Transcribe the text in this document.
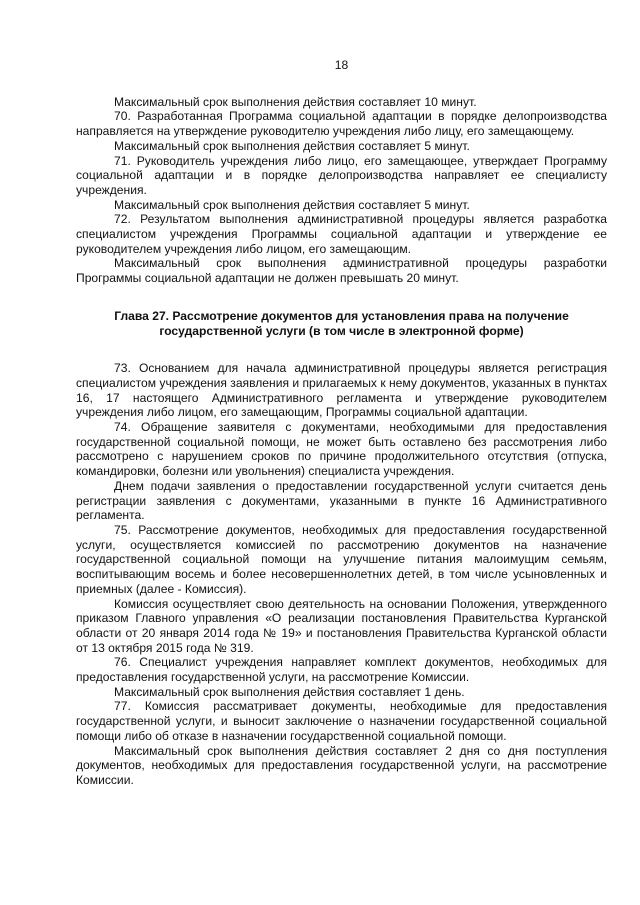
18

Максимальный срок выполнения действия составляет 10 минут.

70. Разработанная Программа социальной адаптации в порядке делопроизводства направляется на утверждение руководителю учреждения либо лицу, его замещающему.

Максимальный срок выполнения действия составляет 5 минут.

71. Руководитель учреждения либо лицо, его замещающее, утверждает Программу социальной адаптации и в порядке делопроизводства направляет ее специалисту учреждения.

Максимальный срок выполнения действия составляет 5 минут.

72. Результатом выполнения административной процедуры является разработка специалистом учреждения Программы социальной адаптации и утверждение ее руководителем учреждения либо лицом, его замещающим.

Максимальный срок выполнения административной процедуры разработки Программы социальной адаптации не должен превышать 20 минут.

Глава 27. Рассмотрение документов для установления права на получение государственной услуги (в том числе в электронной форме)

73. Основанием для начала административной процедуры является регистрация специалистом учреждения заявления и прилагаемых к нему документов, указанных в пунктах 16, 17 настоящего Административного регламента и утверждение руководителем учреждения либо лицом, его замещающим, Программы социальной адаптации.

74. Обращение заявителя с документами, необходимыми для предоставления государственной социальной помощи, не может быть оставлено без рассмотрения либо рассмотрено с нарушением сроков по причине продолжительного отсутствия (отпуска, командировки, болезни или увольнения) специалиста учреждения.

Днем подачи заявления о предоставлении государственной услуги считается день регистрации заявления с документами, указанными в пункте 16 Административного регламента.

75. Рассмотрение документов, необходимых для предоставления государственной услуги, осуществляется комиссией по рассмотрению документов на назначение государственной социальной помощи на улучшение питания малоимущим семьям, воспитывающим восемь и более несовершеннолетних детей, в том числе усыновленных и приемных (далее - Комиссия).

Комиссия осуществляет свою деятельность на основании Положения, утвержденного приказом Главного управления «О реализации постановления Правительства Курганской области от 20 января 2014 года № 19» и постановления Правительства Курганской области от 13 октября 2015 года № 319.

76. Специалист учреждения направляет комплект документов, необходимых для предоставления государственной услуги, на рассмотрение Комиссии.

Максимальный срок выполнения действия составляет 1 день.

77. Комиссия рассматривает документы, необходимые для предоставления государственной услуги, и выносит заключение о назначении государственной социальной помощи либо об отказе в назначении государственной социальной помощи.

Максимальный срок выполнения действия составляет 2 дня со дня поступления документов, необходимых для предоставления государственной услуги, на рассмотрение Комиссии.
